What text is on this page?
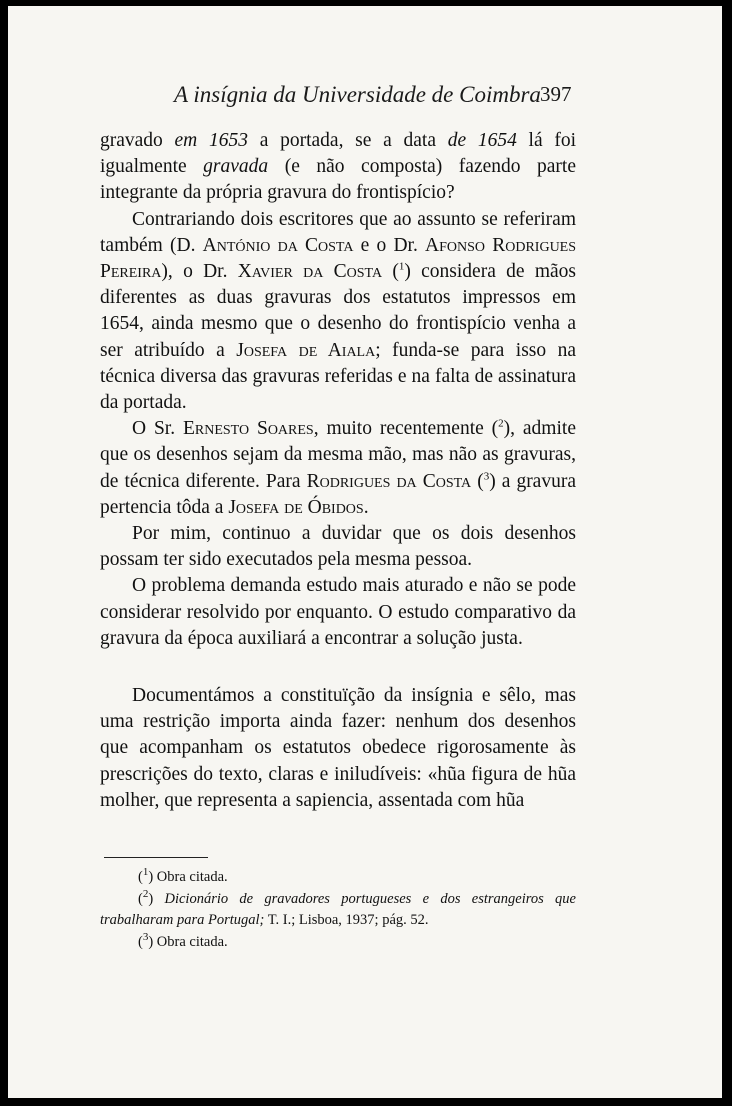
A insígnia da Universidade de Coimbra 397

gravado em 1653 a portada, se a data de 1654 lá foi igualmente gravada (e não composta) fazendo parte integrante da própria gravura do frontispício?

Contrariando dois escritores que ao assunto se referiram também (D. António da Costa e o Dr. Afonso Rodrigues Pereira), o Dr. Xavier da Costa ($^1$) considera de mãos diferentes as duas gravuras dos estatutos impressos em 1654, ainda mesmo que o desenho do frontispício venha a ser atribuído a Josefa de Aiala; funda-se para isso na técnica diversa das gravuras referidas e na falta de assinatura da portada.

O Sr. Ernesto Soares, muito recentemente ($^2$), admite que os desenhos sejam da mesma mão, mas não as gravuras, de técnica diferente. Para Rodrigues da Costa ($^3$) a gravura pertencia tôda a Josefa de Óbidos.

Por mim, continuo a duvidar que os dois desenhos possam ter sido executados pela mesma pessoa.

O problema demanda estudo mais aturado e não se pode considerar resolvido por enquanto. O estudo comparativo da gravura da época auxiliará a encontrar a solução justa.

Documentámos a constituïção da insígnia e sêlo, mas uma restrição importa ainda fazer: nenhum dos desenhos que acompanham os estatutos obedece rigorosamente às prescrições do texto, claras e iniludíveis: «hũa figura de hũa molher, que representa a sapiencia, assentada com hũa

($^1$) Obra citada.

($^2$) Dicionário de gravadores portugueses e dos estrangeiros que trabalharam para Portugal; T. I.; Lisboa, 1937; pág. 52.

($^3$) Obra citada.
